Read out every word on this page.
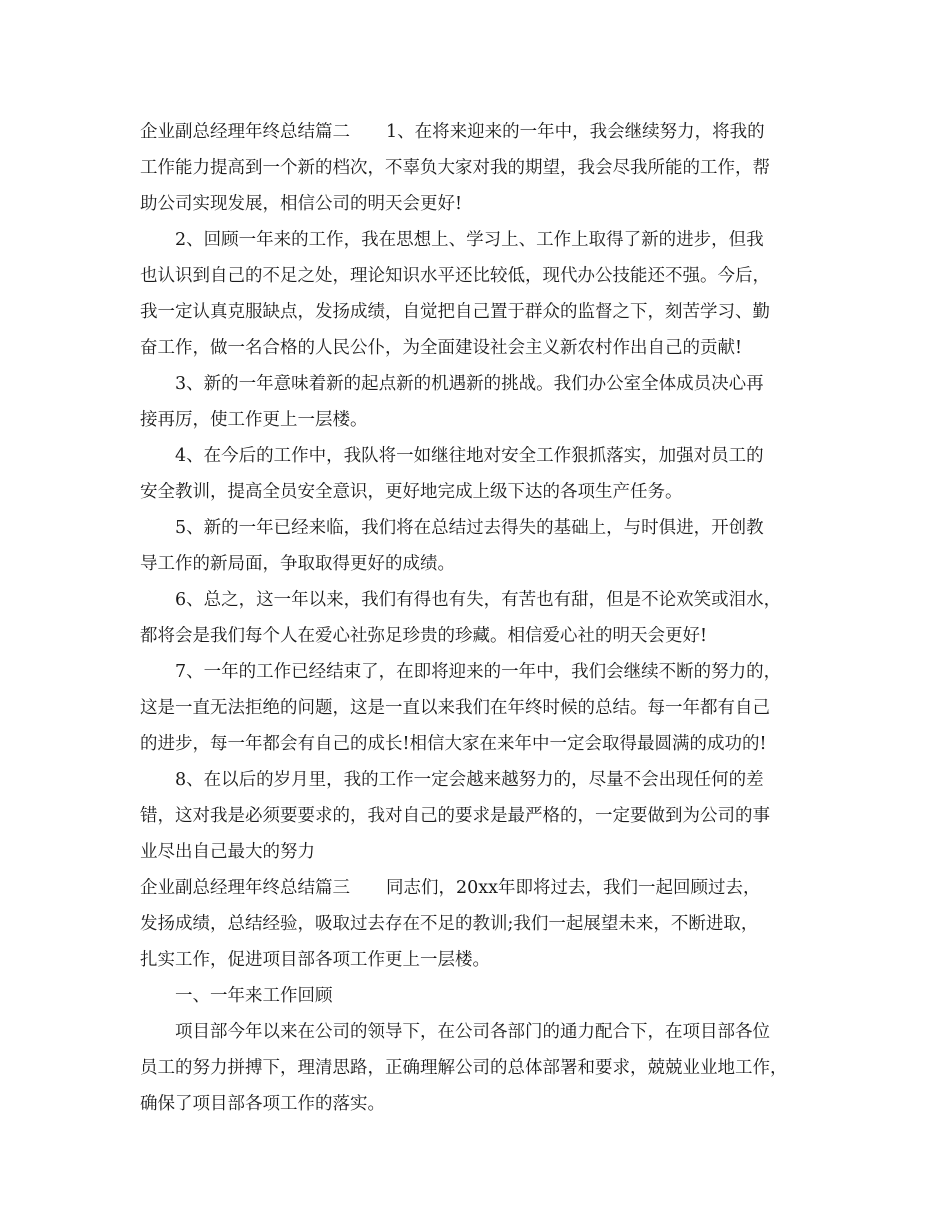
企业副总经理年终总结篇二 1、在将来迎来的一年中，我会继续努力，将我的
工作能力提高到一个新的档次，不辜负大家对我的期望，我会尽我所能的工作，帮
助公司实现发展，相信公司的明天会更好!
2、回顾一年来的工作，我在思想上、学习上、工作上取得了新的进步，但我
也认识到自己的不足之处，理论知识水平还比较低，现代办公技能还不强。今后，
我一定认真克服缺点，发扬成绩，自觉把自己置于群众的监督之下，刻苦学习、勤
奋工作，做一名合格的人民公仆，为全面建设社会主义新农村作出自己的贡献!
3、新的一年意味着新的起点新的机遇新的挑战。我们办公室全体成员决心再
接再厉，使工作更上一层楼。
4、在今后的工作中，我队将一如继往地对安全工作狠抓落实，加强对员工的
安全教训，提高全员安全意识，更好地完成上级下达的各项生产任务。
5、新的一年已经来临，我们将在总结过去得失的基础上，与时俱进，开创教
导工作的新局面，争取取得更好的成绩。
6、总之，这一年以来，我们有得也有失，有苦也有甜，但是不论欢笑或泪水，
都将会是我们每个人在爱心社弥足珍贵的珍藏。相信爱心社的明天会更好!
7、一年的工作已经结束了，在即将迎来的一年中，我们会继续不断的努力的，
这是一直无法拒绝的问题，这是一直以来我们在年终时候的总结。每一年都有自己
的进步，每一年都会有自己的成长!相信大家在来年中一定会取得最圆满的成功的!
8、在以后的岁月里，我的工作一定会越来越努力的，尽量不会出现任何的差
错，这对我是必须要要求的，我对自己的要求是最严格的，一定要做到为公司的事
业尽出自己最大的努力
企业副总经理年终总结篇三 同志们，20xx年即将过去，我们一起回顾过去，
发扬成绩，总结经验，吸取过去存在不足的教训;我们一起展望未来，不断进取，
扎实工作，促进项目部各项工作更上一层楼。
一、一年来工作回顾
项目部今年以来在公司的领导下，在公司各部门的通力配合下，在项目部各位
员工的努力拼搏下，理清思路，正确理解公司的总体部署和要求，兢兢业业地工作，
确保了项目部各项工作的落实。
